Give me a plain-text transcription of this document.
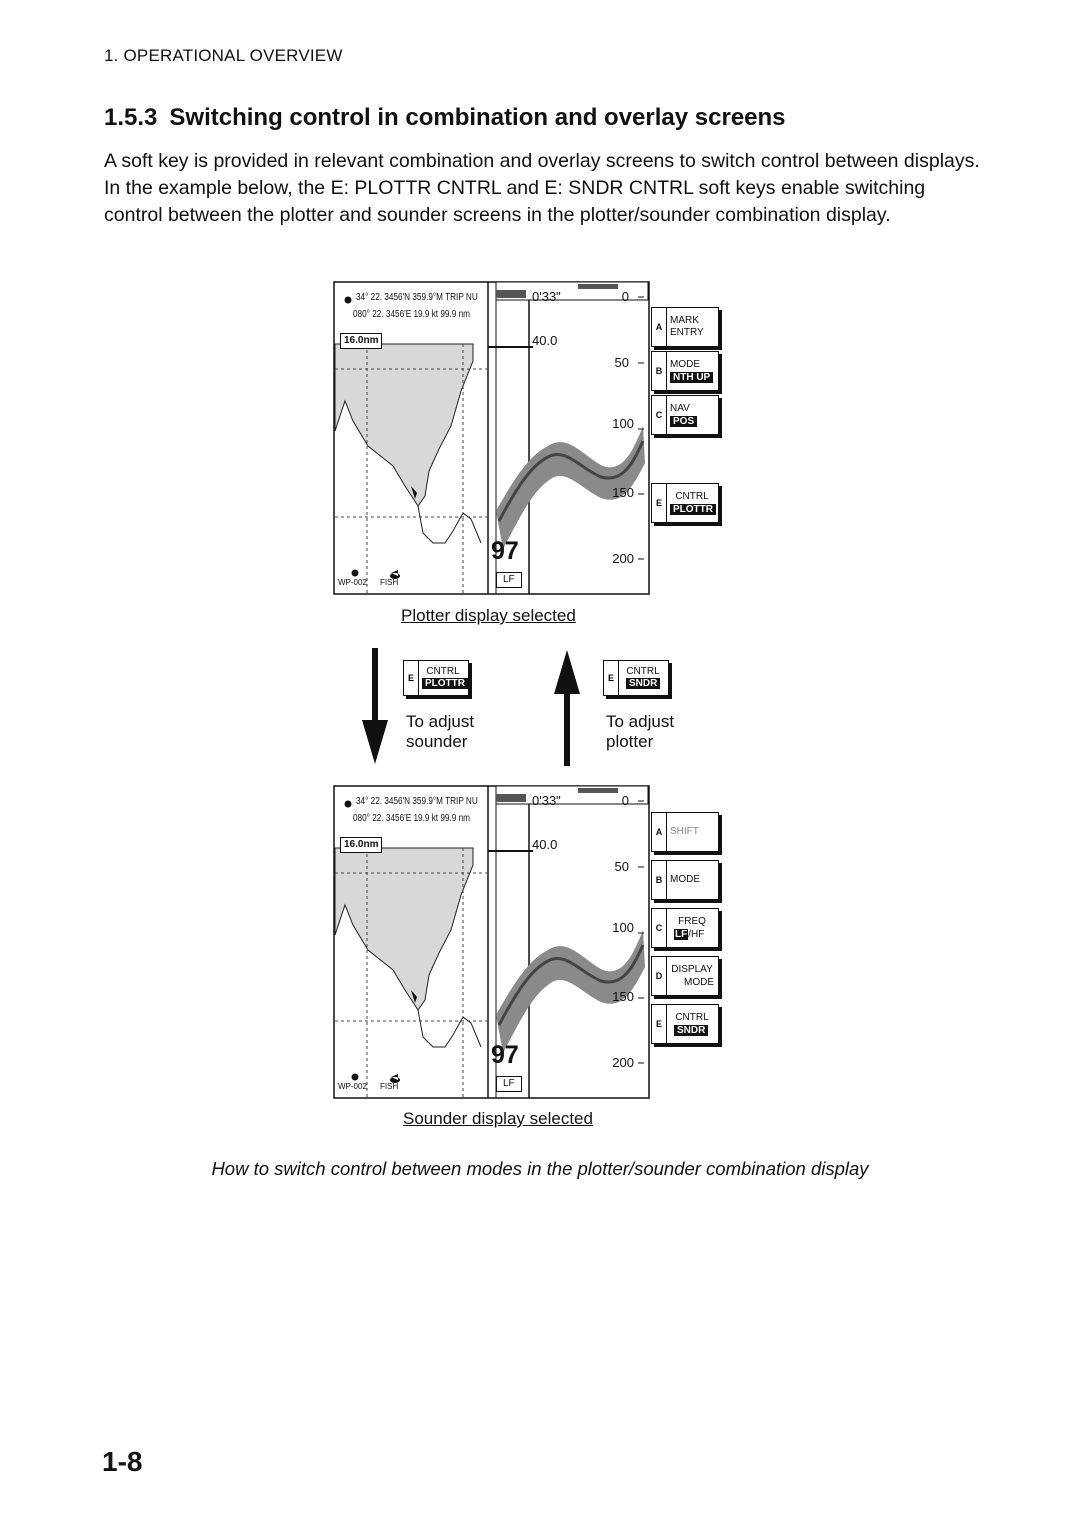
1. OPERATIONAL OVERVIEW
1.5.3 Switching control in combination and overlay screens

A soft key is provided in relevant combination and overlay screens to switch control between displays. In the example below, the E: PLOTTR CNTRL and E: SNDR CNTRL soft keys enable switching control between the plotter and sounder screens in the plotter/sounder combination display.

34° 22. 3456'N 359.9°M TRIP NU
080° 22. 3456'E 19.9 kt 99.9 nm
16.0nm
0'33"
40.0
0
50
100
150
200
97
LF
WP-002 FISH
A
MARK
ENTRY
B
MODE
NTH UP
C
NAV
POS
E
CNTRL
PLOTTR
Plotter display selected
E
CNTRL
PLOTTR	E
CNTRL
SNDR
To adjust
sounder
To adjust
plotter
34° 22. 3456'N 359.9°M TRIP NU
080° 22. 3456'E 19.9 kt 99.9 nm
16.0nm
0'33"
40.0
0
50
100
150
200
97
LF
WP-002 FISH
A SHIFT
B MODE
C
FREQ
LF/HF
D
DISPLAY
MODE
E
CNTRL
SNDR
Sounder display selected
How to switch control between modes in the plotter/sounder combination display
1-8
